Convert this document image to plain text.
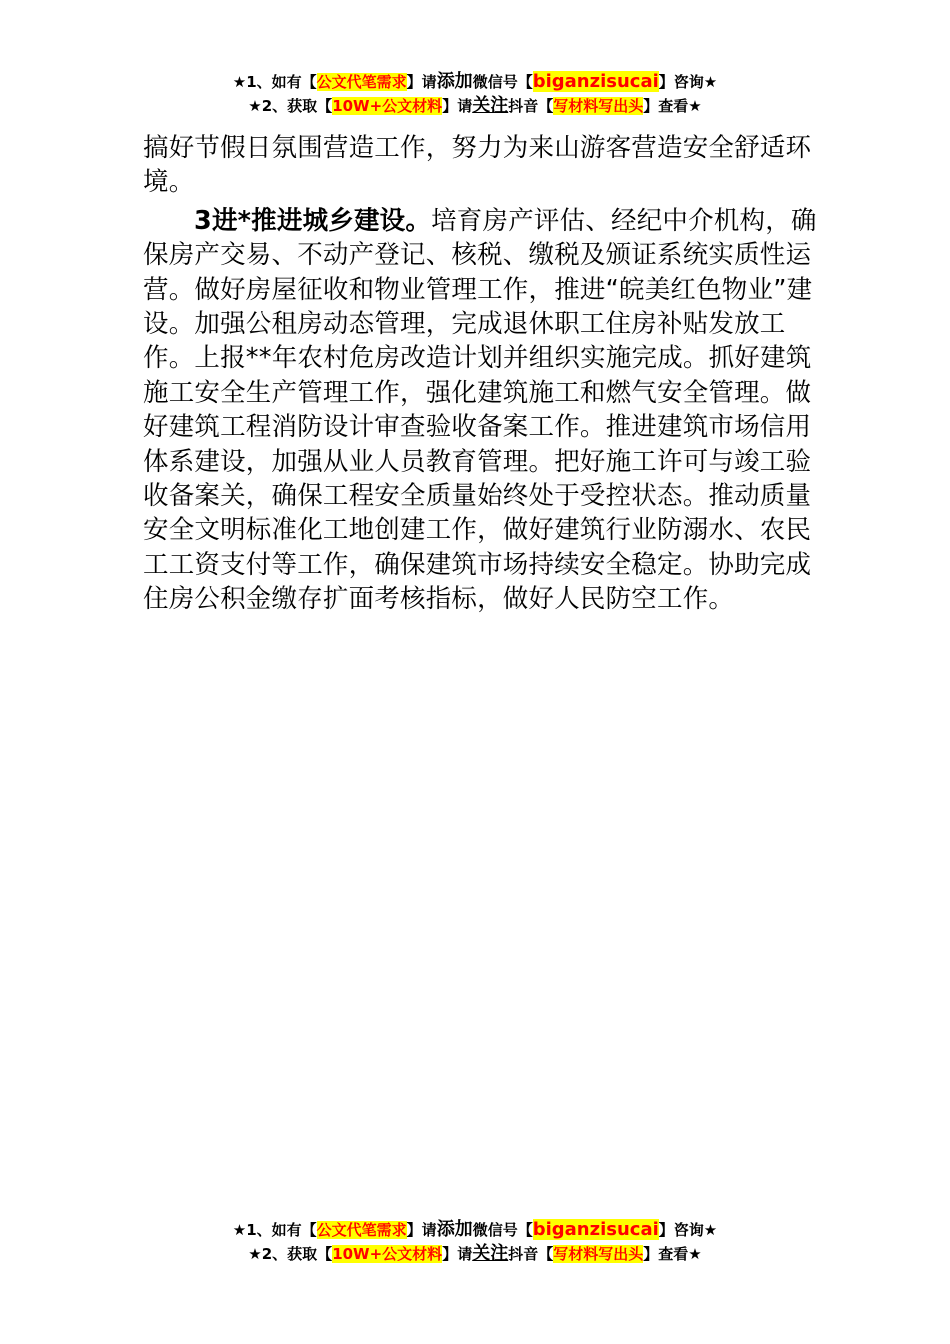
★1、如有【公文代笔需求】请添加微信号【biganzisucai】咨询★
★2、获取【10W+公文材料】请关注抖音【写材料写出头】查看★

搞好节假日氛围营造工作，努力为来山游客营造安全舒适环境。

3进*推进城乡建设。培育房产评估、经纪中介机构，确保房产交易、不动产登记、核税、缴税及颁证系统实质性运营。做好房屋征收和物业管理工作，推进“皖美红色物业”建设。加强公租房动态管理，完成退休职工住房补贴发放工作。上报**年农村危房改造计划并组织实施完成。抓好建筑施工安全生产管理工作，强化建筑施工和燃气安全管理。做好建筑工程消防设计审查验收备案工作。推进建筑市场信用体系建设，加强从业人员教育管理。把好施工许可与竣工验收备案关，确保工程安全质量始终处于受控状态。推动质量安全文明标准化工地创建工作，做好建筑行业防溺水、农民工工资支付等工作，确保建筑市场持续安全稳定。协助完成住房公积金缴存扩面考核指标，做好人民防空工作。

★1、如有【公文代笔需求】请添加微信号【biganzisucai】咨询★
★2、获取【10W+公文材料】请关注抖音【写材料写出头】查看★
